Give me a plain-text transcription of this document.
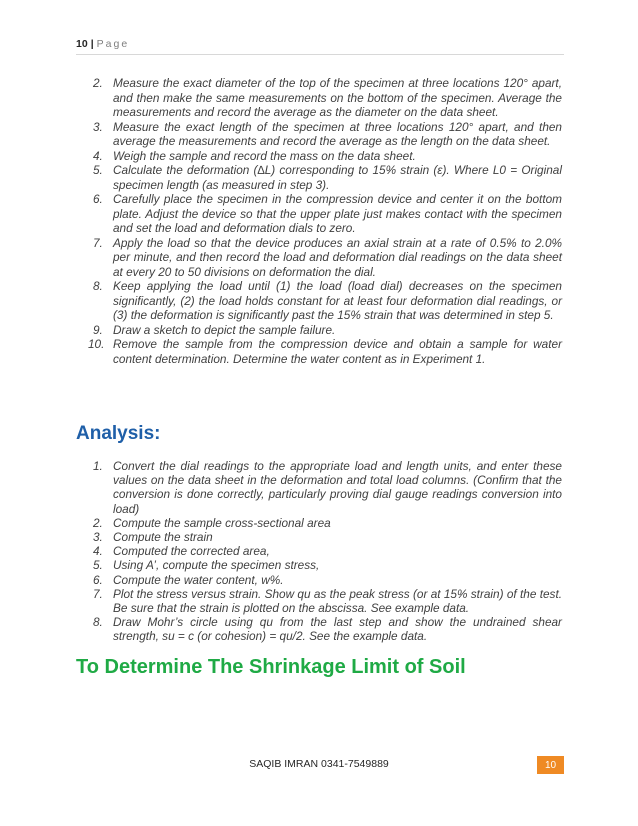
10 | Page
2. Measure the exact diameter of the top of the specimen at three locations 120° apart, and then make the same measurements on the bottom of the specimen. Average the measurements and record the average as the diameter on the data sheet.
3. Measure the exact length of the specimen at three locations 120° apart, and then average the measurements and record the average as the length on the data sheet.
4. Weigh the sample and record the mass on the data sheet.
5. Calculate the deformation (∆L) corresponding to 15% strain (ε). Where L0 = Original specimen length (as measured in step 3).
6. Carefully place the specimen in the compression device and center it on the bottom plate. Adjust the device so that the upper plate just makes contact with the specimen and set the load and deformation dials to zero.
7. Apply the load so that the device produces an axial strain at a rate of 0.5% to 2.0% per minute, and then record the load and deformation dial readings on the data sheet at every 20 to 50 divisions on deformation the dial.
8. Keep applying the load until (1) the load (load dial) decreases on the specimen significantly, (2) the load holds constant for at least four deformation dial readings, or (3) the deformation is significantly past the 15% strain that was determined in step 5.
9. Draw a sketch to depict the sample failure.
10. Remove the sample from the compression device and obtain a sample for water content determination. Determine the water content as in Experiment 1.
Analysis:
1. Convert the dial readings to the appropriate load and length units, and enter these values on the data sheet in the deformation and total load columns. (Confirm that the conversion is done correctly, particularly proving dial gauge readings conversion into load)
2. Compute the sample cross-sectional area
3. Compute the strain
4. Computed the corrected area,
5. Using A’, compute the specimen stress,
6. Compute the water content, w%.
7. Plot the stress versus strain. Show qu as the peak stress (or at 15% strain) of the test. Be sure that the strain is plotted on the abscissa. See example data.
8. Draw Mohr’s circle using qu from the last step and show the undrained shear strength, su = c (or cohesion) = qu/2. See the example data.
To Determine The Shrinkage Limit of Soil
SAQIB IMRAN 0341-7549889	10
